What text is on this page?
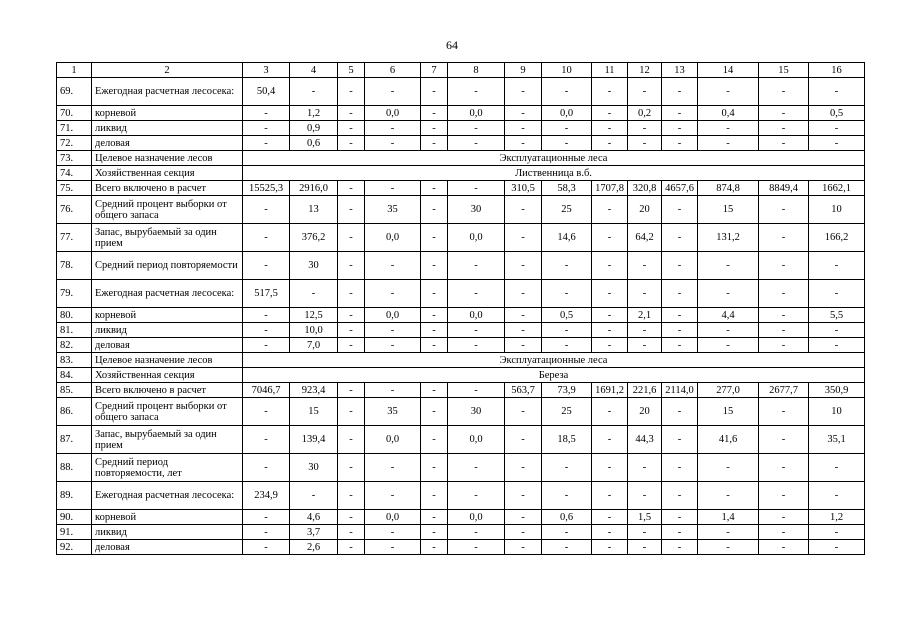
64
1	2	3	4	5	6	7	8	9	10	11	12	13	14	15	16
69.	Ежегодная расчетная лесосека:	50,4	-	-	-	-	-	-	-	-	-	-	-	-	-
70.	корневой	-	1,2	-	0,0	-	0,0	-	0,0	-	0,2	-	0,4	-	0,5
71.	ликвид	-	0,9	-	-	-	-	-	-	-	-	-	-	-	-
72.	деловая	-	0,6	-	-	-	-	-	-	-	-	-	-	-	-
73.	Целевое назначение лесов	Эксплуатационные леса													
74.	Хозяйственная секция	Лиственница в.б.													
75.	Всего включено в расчет	15525,3	2916,0	-	-	-	-	310,5	58,3	1707,8	320,8	4657,6	874,8	8849,4	1662,1
76.	Средний процент выборки от общего запаса	-	13	-	35	-	30	-	25	-	20	-	15	-	10
77.	Запас, вырубаемый за один прием	-	376,2	-	0,0	-	0,0	-	14,6	-	64,2	-	131,2	-	166,2
78.	Средний период повторяемости	-	30	-	-	-	-	-	-	-	-	-	-	-	-
79.	Ежегодная расчетная лесосека:	517,5	-	-	-	-	-	-	-	-	-	-	-	-	-
80.	корневой	-	12,5	-	0,0	-	0,0	-	0,5	-	2,1	-	4,4	-	5,5
81.	ликвид	-	10,0	-	-	-	-	-	-	-	-	-	-	-	-
82.	деловая	-	7,0	-	-	-	-	-	-	-	-	-	-	-	-
83.	Целевое назначение лесов	Эксплуатационные леса													
84.	Хозяйственная секция	Береза													
85.	Всего включено в расчет	7046,7	923,4	-	-	-	-	563,7	73,9	1691,2	221,6	2114,0	277,0	2677,7	350,9
86.	Средний процент выборки от общего запаса	-	15	-	35	-	30	-	25	-	20	-	15	-	10
87.	Запас, вырубаемый за один прием	-	139,4	-	0,0	-	0,0	-	18,5	-	44,3	-	41,6	-	35,1
88.	Средний период повторяемости, лет	-	30	-	-	-	-	-	-	-	-	-	-	-	-
89.	Ежегодная расчетная лесосека:	234,9	-	-	-	-	-	-	-	-	-	-	-	-	-
90.	корневой	-	4,6	-	0,0	-	0,0	-	0,6	-	1,5	-	1,4	-	1,2
91.	ликвид	-	3,7	-	-	-	-	-	-	-	-	-	-	-	-
92.	деловая	-	2,6	-	-	-	-	-	-	-	-	-	-	-	-
